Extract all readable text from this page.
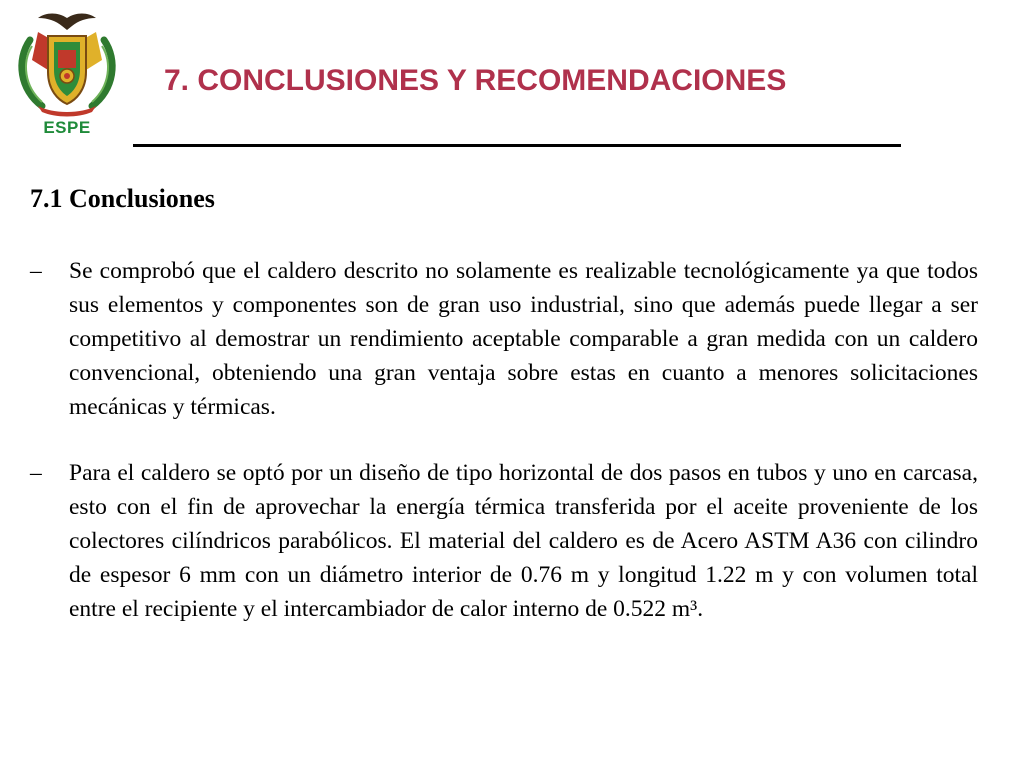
ESPE
7. CONCLUSIONES Y RECOMENDACIONES
7.1 Conclusiones
–	Se comprobó que el caldero descrito no solamente es realizable tecnológicamente ya que todos sus elementos y componentes son de gran uso industrial, sino que además puede llegar a ser competitivo al demostrar un rendimiento aceptable comparable a gran medida con un caldero convencional, obteniendo una gran ventaja sobre estas en cuanto a menores solicitaciones mecánicas y térmicas.
–	Para el caldero se optó por un diseño de tipo horizontal de dos pasos en tubos y uno en carcasa, esto con el fin de aprovechar la energía térmica transferida por el aceite proveniente de los colectores cilíndricos parabólicos. El material del caldero es de Acero ASTM A36 con cilindro de espesor 6 mm con un diámetro interior de 0.76 m y longitud 1.22 m y con volumen total entre el recipiente y el intercambiador de calor interno de 0.522 m³.
